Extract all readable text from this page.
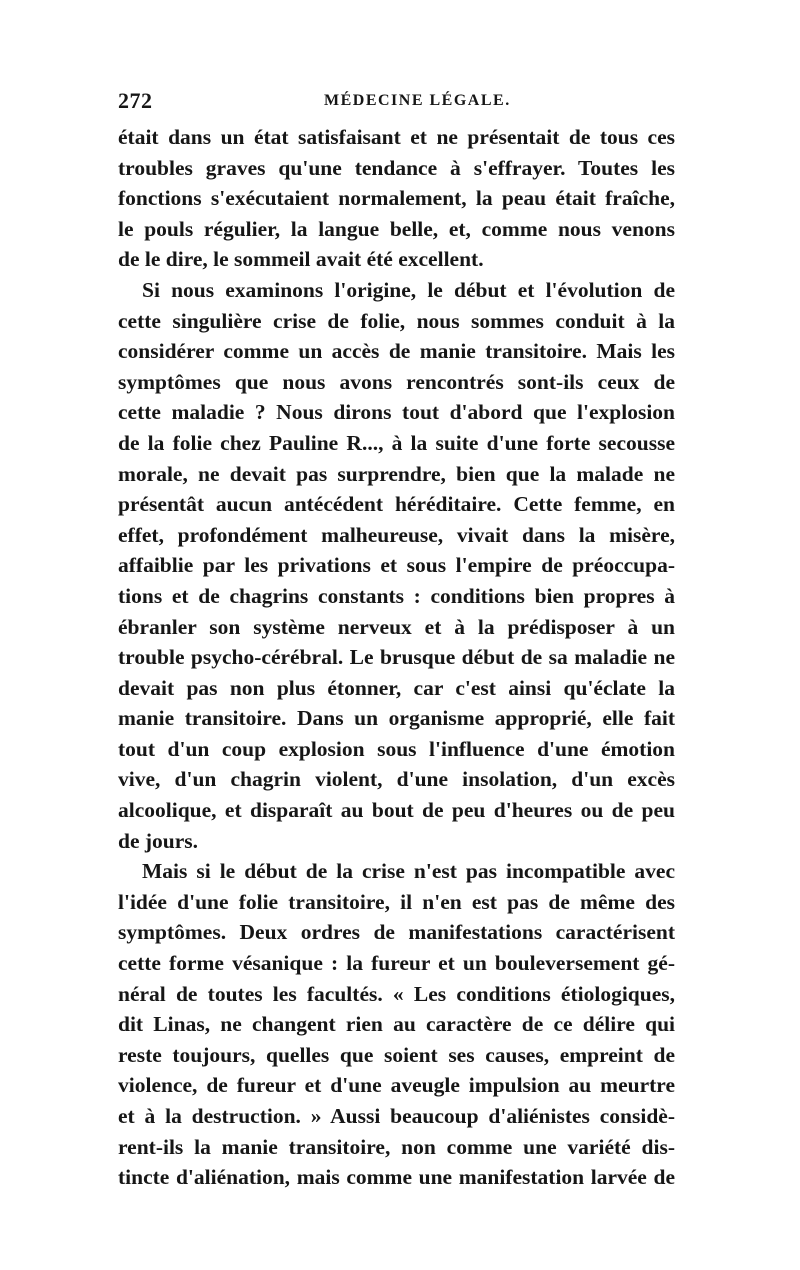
272	MÉDECINE LÉGALE.
était dans un état satisfaisant et ne présentait de tous ces
troubles graves qu'une tendance à s'effrayer. Toutes les
fonctions s'exécutaient normalement, la peau était fraîche,
le pouls régulier, la langue belle, et, comme nous venons
de le dire, le sommeil avait été excellent.
Si nous examinons l'origine, le début et l'évolution de
cette singulière crise de folie, nous sommes conduit à la
considérer comme un accès de manie transitoire. Mais les
symptômes que nous avons rencontrés sont-ils ceux de
cette maladie ? Nous dirons tout d'abord que l'explosion
de la folie chez Pauline R..., à la suite d'une forte secousse
morale, ne devait pas surprendre, bien que la malade ne
présentât aucun antécédent héréditaire. Cette femme, en
effet, profondément malheureuse, vivait dans la misère,
affaiblie par les privations et sous l'empire de préoccupa-
tions et de chagrins constants : conditions bien propres à
ébranler son système nerveux et à la prédisposer à un
trouble psycho-cérébral. Le brusque début de sa maladie ne
devait pas non plus étonner, car c'est ainsi qu'éclate la
manie transitoire. Dans un organisme approprié, elle fait
tout d'un coup explosion sous l'influence d'une émotion
vive, d'un chagrin violent, d'une insolation, d'un excès
alcoolique, et disparaît au bout de peu d'heures ou de peu
de jours.
Mais si le début de la crise n'est pas incompatible avec
l'idée d'une folie transitoire, il n'en est pas de même des
symptômes. Deux ordres de manifestations caractérisent
cette forme vésanique : la fureur et un bouleversement gé-
néral de toutes les facultés. « Les conditions étiologiques,
dit Linas, ne changent rien au caractère de ce délire qui
reste toujours, quelles que soient ses causes, empreint de
violence, de fureur et d'une aveugle impulsion au meurtre
et à la destruction. » Aussi beaucoup d'aliénistes considè-
rent-ils la manie transitoire, non comme une variété dis-
tincte d'aliénation, mais comme une manifestation larvée de
